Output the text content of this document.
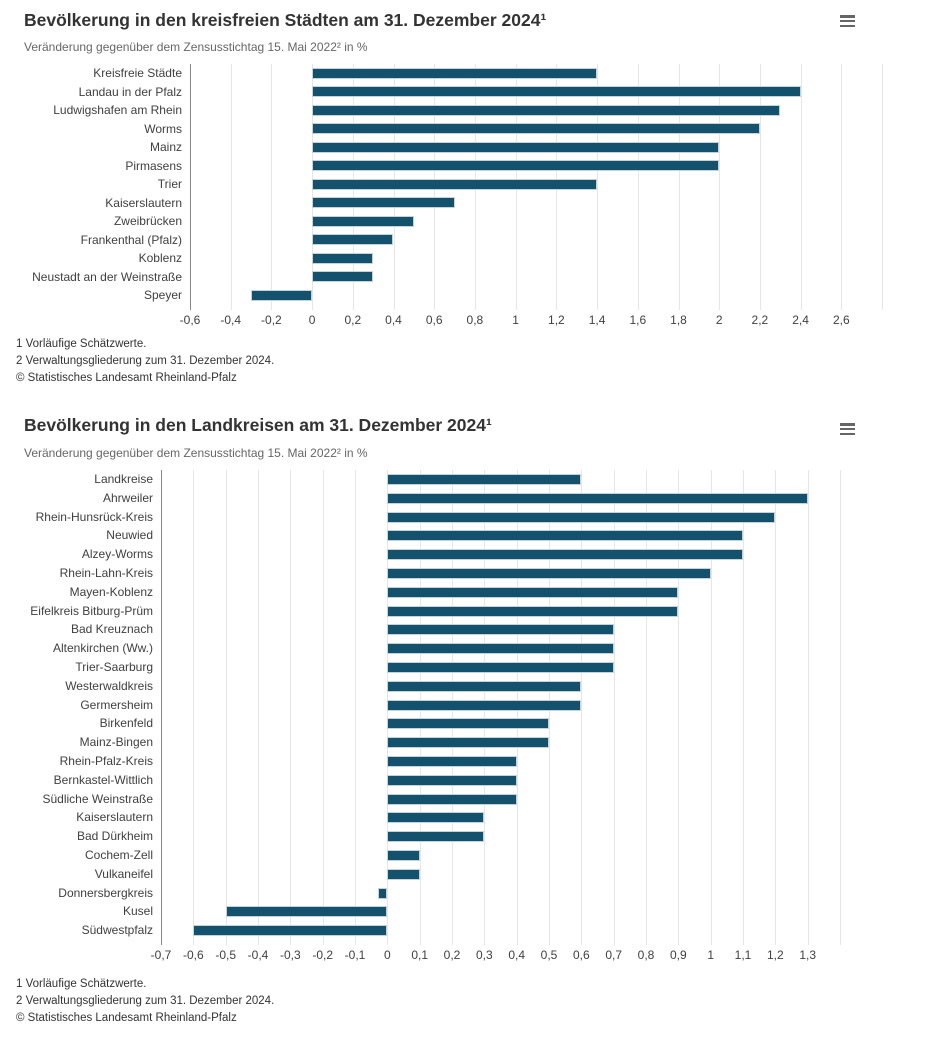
Bevölkerung in den kreisfreien Städten am 31. Dezember 2024¹
Veränderung gegenüber dem Zensusstichtag 15. Mai 2022² in %
-0,6	-0,4	-0,2	0	0,2	0,4	0,6	0,8	1	1,2	1,4	1,6	1,8	2	2,2	2,4	2,6
Kreisfreie Städte
Landau in der Pfalz
Ludwigshafen am Rhein
Worms
Mainz
Pirmasens
Trier
Kaiserslautern
Zweibrücken
Frankenthal (Pfalz)
Koblenz
Neustadt an der Weinstraße
Speyer
1 Vorläufige Schätzwerte.
2 Verwaltungsgliederung zum 31. Dezember 2024.
© Statistisches Landesamt Rheinland-Pfalz
Bevölkerung in den Landkreisen am 31. Dezember 2024¹
Veränderung gegenüber dem Zensusstichtag 15. Mai 2022² in %
-0,7 -0,6 -0,5 -0,4 -0,3 -0,2 -0,1	0	0,1	0,2	0,3	0,4	0,5	0,6	0,7	0,8	0,9	1	1,1	1,2	1,3
Landkreise
Ahrweiler
Rhein-Hunsrück-Kreis
Neuwied
Alzey-Worms
Rhein-Lahn-Kreis
Mayen-Koblenz
Eifelkreis Bitburg-Prüm
Bad Kreuznach
Altenkirchen (Ww.)
Trier-Saarburg
Westerwaldkreis
Germersheim
Birkenfeld
Mainz-Bingen
Rhein-Pfalz-Kreis
Bernkastel-Wittlich
Südliche Weinstraße
Kaiserslautern
Bad Dürkheim
Cochem-Zell
Vulkaneifel
Donnersbergkreis
Kusel
Südwestpfalz
1 Vorläufige Schätzwerte.
2 Verwaltungsgliederung zum 31. Dezember 2024.
© Statistisches Landesamt Rheinland-Pfalz
